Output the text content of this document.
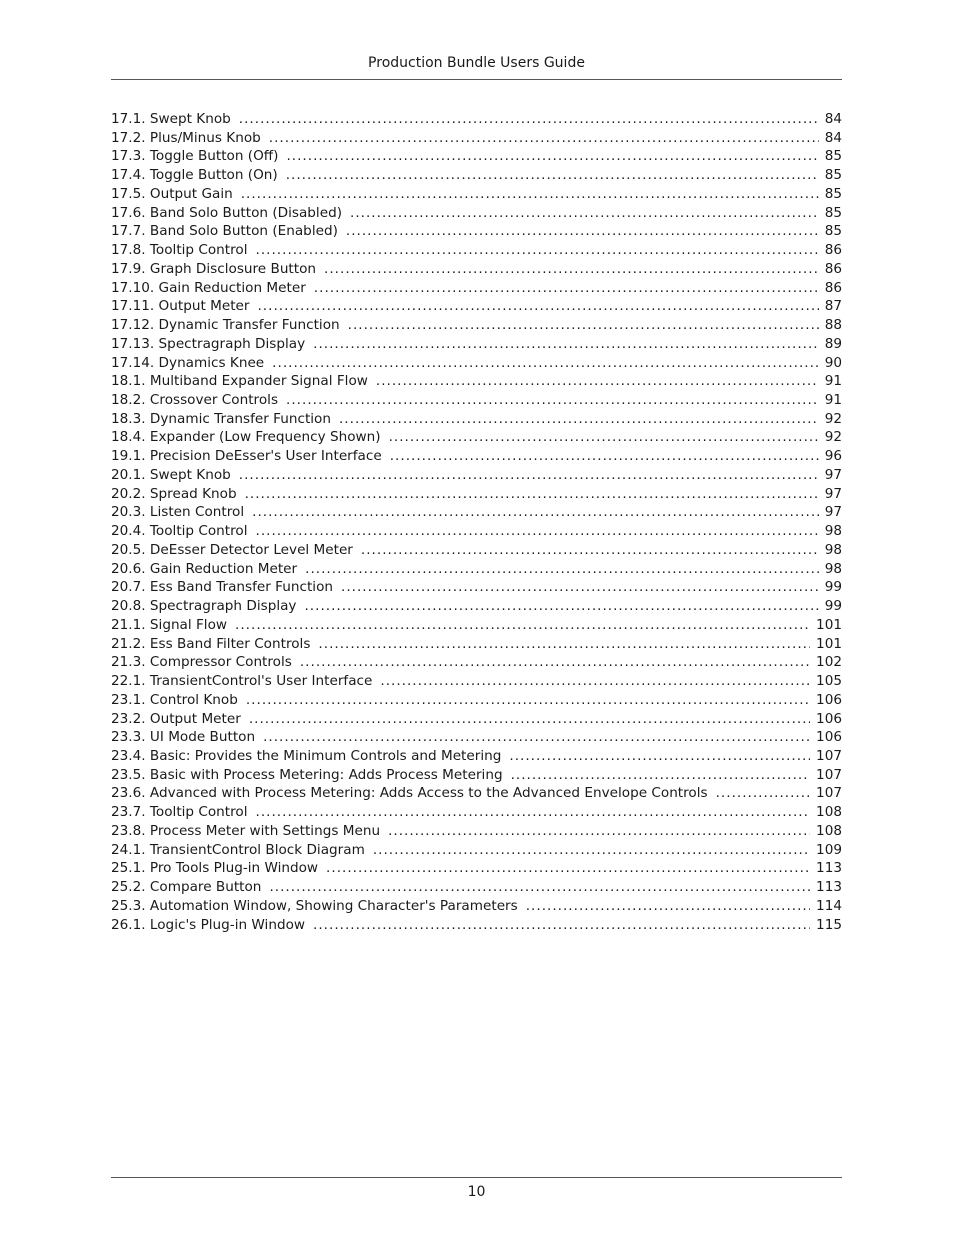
Production Bundle Users Guide
17.1. Swept Knob .....	84
17.2. Plus/Minus Knob .....	84
17.3. Toggle Button (Off) .....	85
17.4. Toggle Button (On) .....	85
17.5. Output Gain .....	85
17.6. Band Solo Button (Disabled) .....	85
17.7. Band Solo Button (Enabled) .....	85
17.8. Tooltip Control .....	86
17.9. Graph Disclosure Button .....	86
17.10. Gain Reduction Meter .....	86
17.11. Output Meter .....	87
17.12. Dynamic Transfer Function .....	88
17.13. Spectragraph Display .....	89
17.14. Dynamics Knee .....	90
18.1. Multiband Expander Signal Flow .....	91
18.2. Crossover Controls .....	91
18.3. Dynamic Transfer Function .....	92
18.4. Expander (Low Frequency Shown) .....	92
19.1. Precision DeEsser's User Interface .....	96
20.1. Swept Knob .....	97
20.2. Spread Knob .....	97
20.3. Listen Control .....	97
20.4. Tooltip Control .....	98
20.5. DeEsser Detector Level Meter .....	98
20.6. Gain Reduction Meter .....	98
20.7. Ess Band Transfer Function .....	99
20.8. Spectragraph Display .....	99
21.1. Signal Flow .....	101
21.2. Ess Band Filter Controls .....	101
21.3. Compressor Controls .....	102
22.1. TransientControl's User Interface .....	105
23.1. Control Knob .....	106
23.2. Output Meter .....	106
23.3. UI Mode Button .....	106
23.4. Basic: Provides the Minimum Controls and Metering .....	107
23.5. Basic with Process Metering: Adds Process Metering .....	107
23.6. Advanced with Process Metering: Adds Access to the Advanced Envelope Controls .....	107
23.7. Tooltip Control .....	108
23.8. Process Meter with Settings Menu .....	108
24.1. TransientControl Block Diagram .....	109
25.1. Pro Tools Plug-in Window .....	113
25.2. Compare Button .....	113
25.3. Automation Window, Showing Character's Parameters .....	114
26.1. Logic's Plug-in Window .....	115
10
